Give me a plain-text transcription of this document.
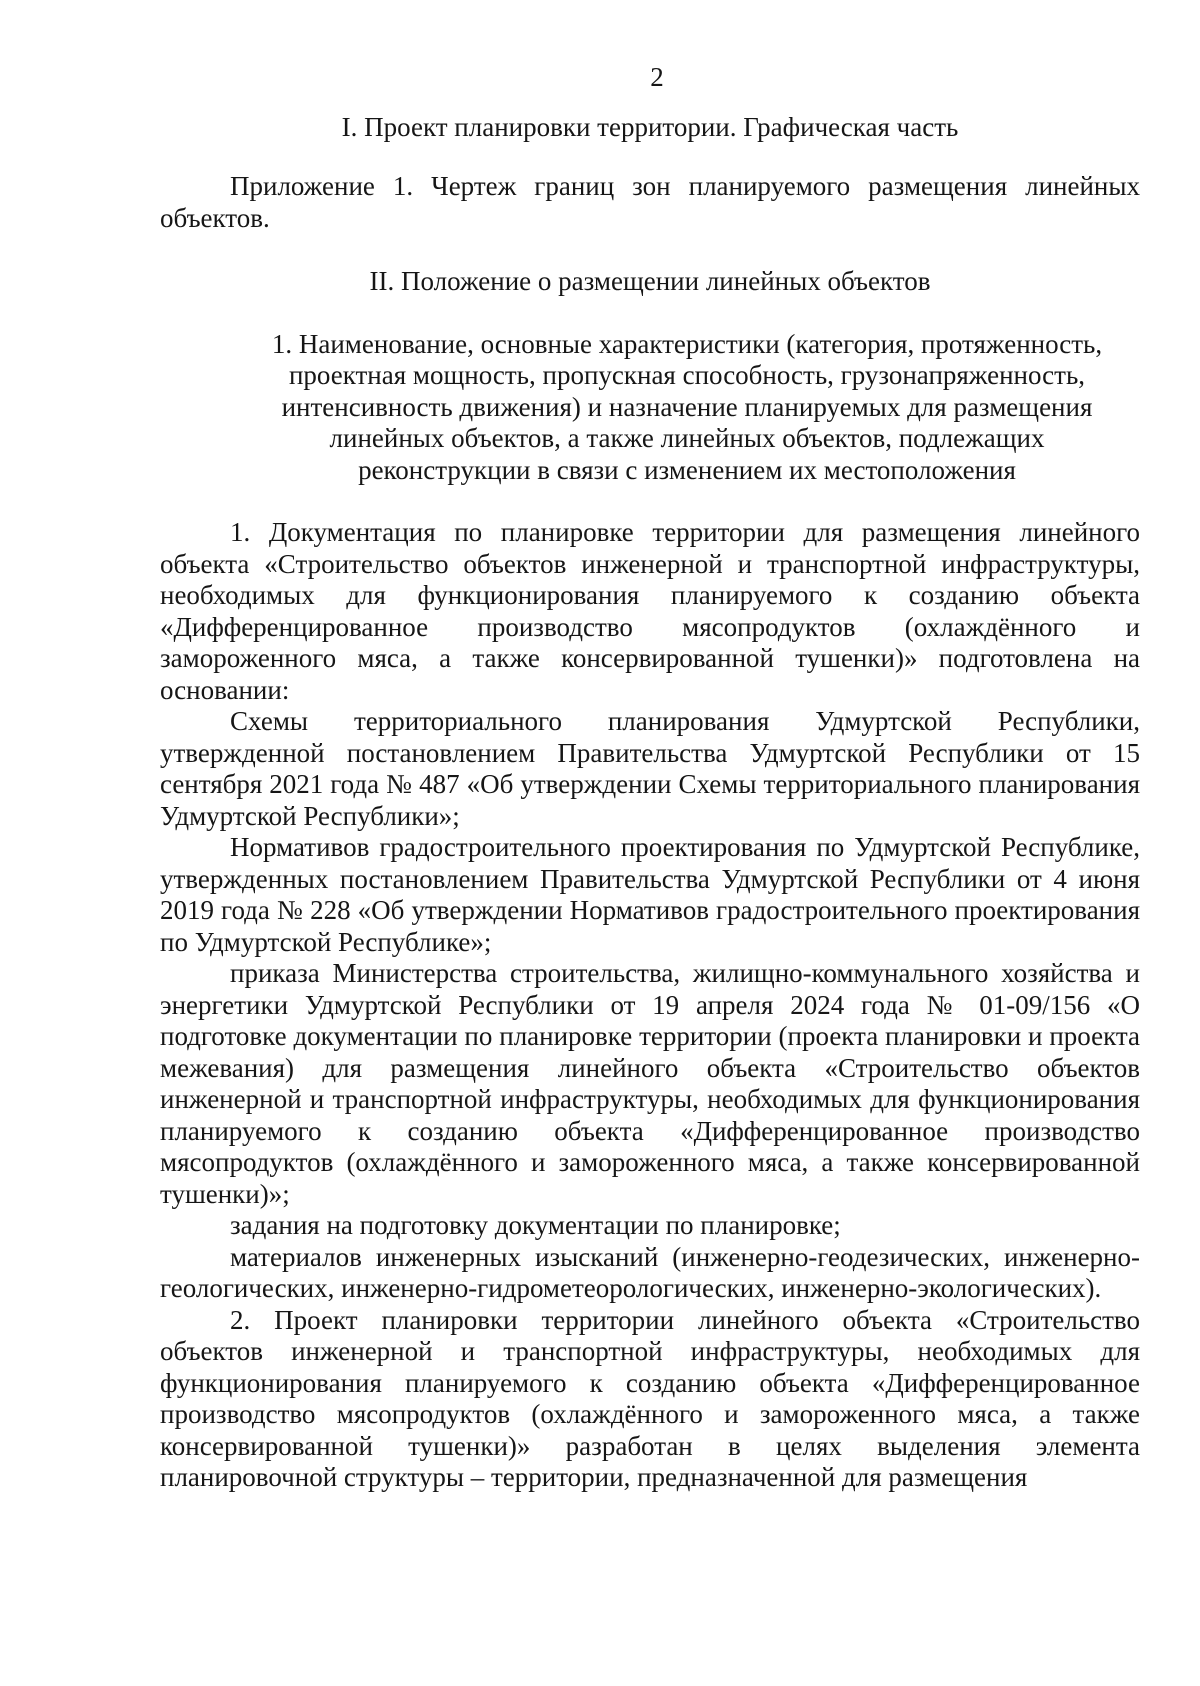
2

I. Проект планировки территории. Графическая часть

Приложение 1. Чертеж границ зон планируемого размещения линейных объектов.

II. Положение о размещении линейных объектов

1. Наименование, основные характеристики (категория, протяженность,
проектная мощность, пропускная способность, грузонапряженность,
интенсивность движения) и назначение планируемых для размещения
линейных объектов, а также линейных объектов, подлежащих
реконструкции в связи с изменением их местоположения

1. Документация по планировке территории для размещения линейного объекта «Строительство объектов инженерной и транспортной инфраструктуры, необходимых для функционирования планируемого к созданию объекта «Дифференцированное производство мясопродуктов (охлаждённого и замороженного мяса, а также консервированной тушенки)» подготовлена на основании:

Схемы территориального планирования Удмуртской Республики, утвержденной постановлением Правительства Удмуртской Республики от 15 сентября 2021 года № 487 «Об утверждении Схемы территориального планирования Удмуртской Республики»;

Нормативов градостроительного проектирования по Удмуртской Республике, утвержденных постановлением Правительства Удмуртской Республики от 4 июня 2019 года № 228 «Об утверждении Нормативов градостроительного проектирования по Удмуртской Республике»;

приказа Министерства строительства, жилищно-коммунального хозяйства и энергетики Удмуртской Республики от 19 апреля 2024 года № 01-09/156 «О подготовке документации по планировке территории (проекта планировки и проекта межевания) для размещения линейного объекта «Строительство объектов инженерной и транспортной инфраструктуры, необходимых для функционирования планируемого к созданию объекта «Дифференцированное производство мясопродуктов (охлаждённого и замороженного мяса, а также консервированной тушенки)»;

задания на подготовку документации по планировке;

материалов инженерных изысканий (инженерно-геодезических, инженерно-геологических, инженерно-гидрометеорологических, инженерно-экологических).

2. Проект планировки территории линейного объекта «Строительство объектов инженерной и транспортной инфраструктуры, необходимых для функционирования планируемого к созданию объекта «Дифференцированное производство мясопродуктов (охлаждённого и замороженного мяса, а также консервированной тушенки)» разработан в целях выделения элемента планировочной структуры – территории, предназначенной для размещения
